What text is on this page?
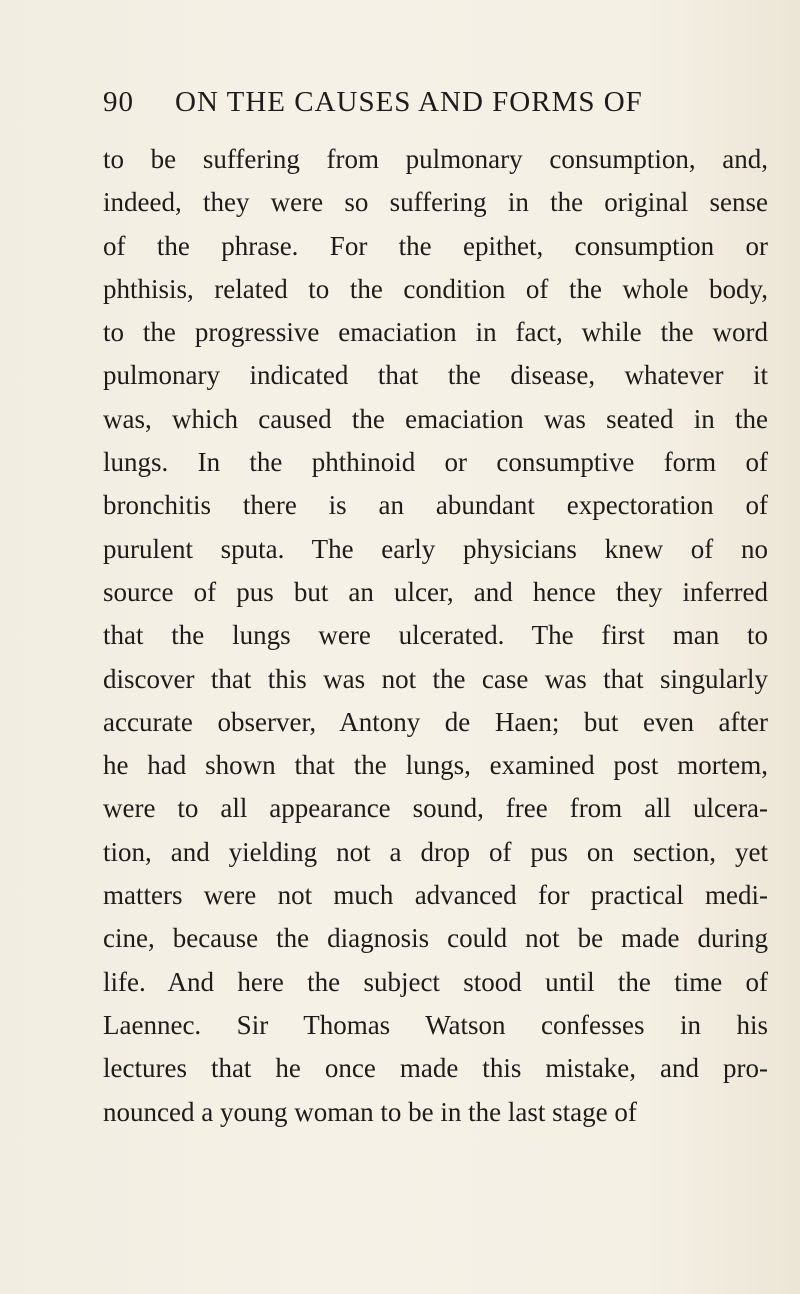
90 ON THE CAUSES AND FORMS OF
to be suffering from pulmonary consumption, and,
indeed, they were so suffering in the original sense
of the phrase. For the epithet, consumption or
phthisis, related to the condition of the whole body,
to the progressive emaciation in fact, while the word
pulmonary indicated that the disease, whatever it
was, which caused the emaciation was seated in the
lungs. In the phthinoid or consumptive form of
bronchitis there is an abundant expectoration of
purulent sputa. The early physicians knew of no
source of pus but an ulcer, and hence they inferred
that the lungs were ulcerated. The first man to
discover that this was not the case was that singularly
accurate observer, Antony de Haen; but even after
he had shown that the lungs, examined post mortem,
were to all appearance sound, free from all ulcera-
tion, and yielding not a drop of pus on section, yet
matters were not much advanced for practical medi-
cine, because the diagnosis could not be made during
life. And here the subject stood until the time of
Laennec. Sir Thomas Watson confesses in his
lectures that he once made this mistake, and pro-
nounced a young woman to be in the last stage of
